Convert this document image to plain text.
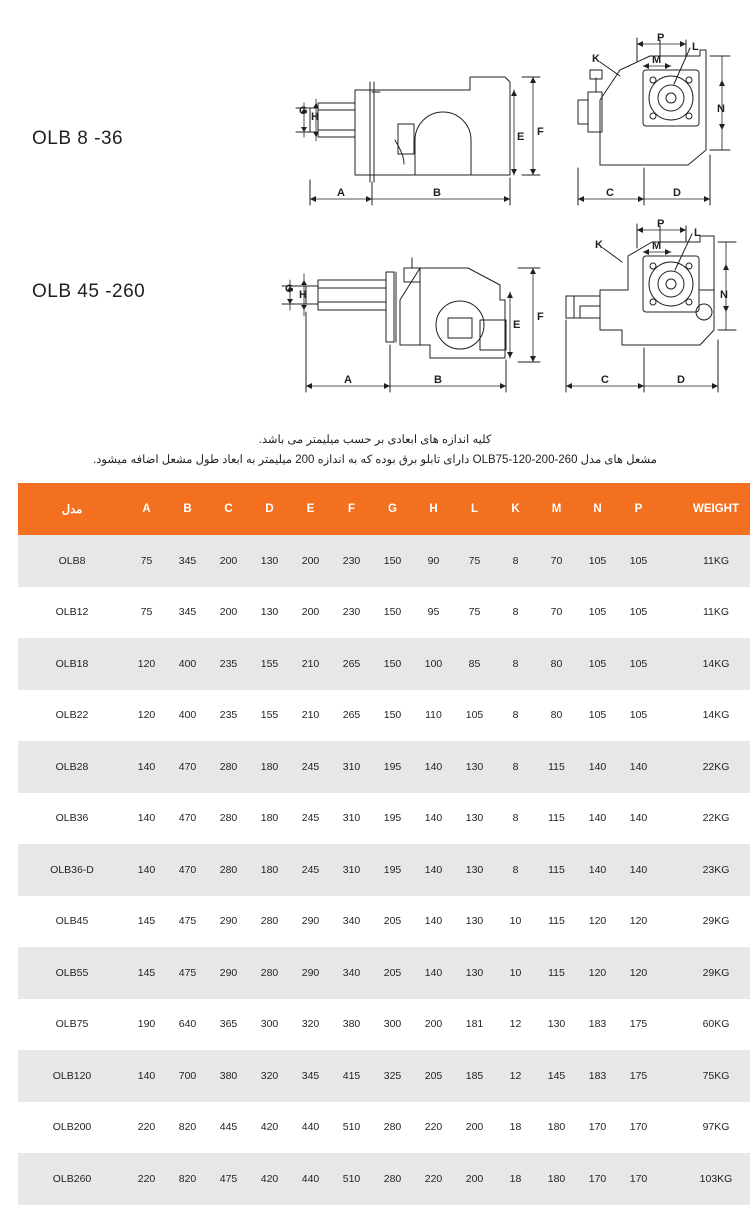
OLB 8 -36
OLB 45 -260
G H
F
E
A	B
P
M
K
L
N
C	D
G H
E
F
A	B
P
M
K
L
N
C	D
کلیه اندازه های ابعادی بر حسب میلیمتر می باشد.
مشعل های مدل OLB75-120-200-260 دارای تابلو برق بوده که به اندازه 200 میلیمتر به ابعاد طول مشعل اضافه میشود.
مدل	A	B	C	D	E	F	G	H	L	K	M	N	P	WEIGHT
OLB8	75	345	200	130	200	230	150	90	75	8	70	105	105	11KG
OLB12	75	345	200	130	200	230	150	95	75	8	70	105	105	11KG
OLB18	120	400	235	155	210	265	150	100	85	8	80	105	105	14KG
OLB22	120	400	235	155	210	265	150	110	105	8	80	105	105	14KG
OLB28	140	470	280	180	245	310	195	140	130	8	115	140	140	22KG
OLB36	140	470	280	180	245	310	195	140	130	8	115	140	140	22KG
OLB36-D	140	470	280	180	245	310	195	140	130	8	115	140	140	23KG
OLB45	145	475	290	280	290	340	205	140	130	10	115	120	120	29KG
OLB55	145	475	290	280	290	340	205	140	130	10	115	120	120	29KG
OLB75	190	640	365	300	320	380	300	200	181	12	130	183	175	60KG
OLB120	140	700	380	320	345	415	325	205	185	12	145	183	175	75KG
OLB200	220	820	445	420	440	510	280	220	200	18	180	170	170	97KG
OLB260	220	820	475	420	440	510	280	220	200	18	180	170	170	103KG
